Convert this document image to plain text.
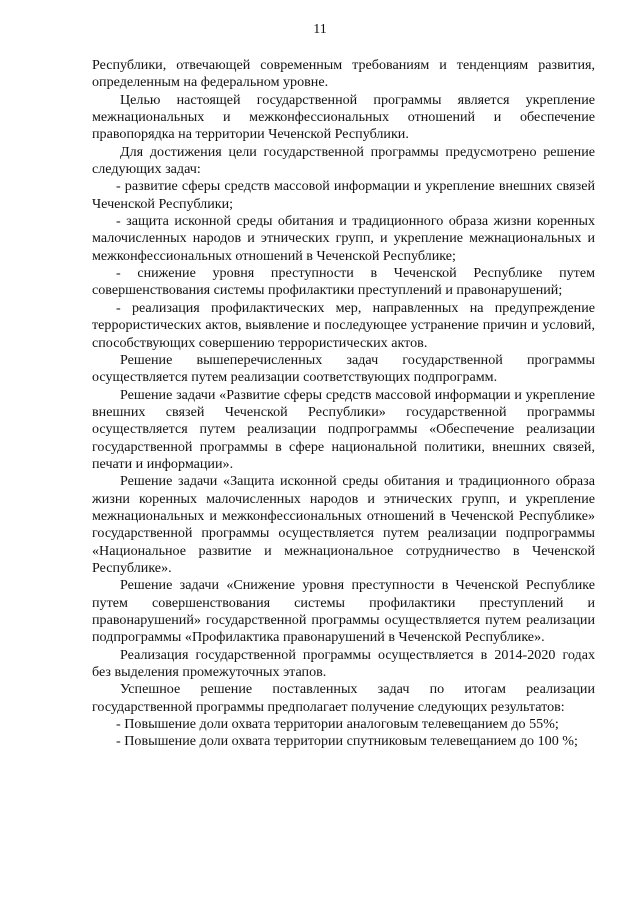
11

Республики, отвечающей современным требованиям и тенденциям развития, определенным на федеральном уровне.

Целью настоящей государственной программы является укрепление межнациональных и межконфессиональных отношений и обеспечение правопорядка на территории Чеченской Республики.

Для достижения цели государственной программы предусмотрено решение следующих задач:

- развитие сферы средств массовой информации и укрепление внешних связей Чеченской Республики;

- защита исконной среды обитания и традиционного образа жизни коренных малочисленных народов и этнических групп, и укрепление межнациональных и межконфессиональных отношений в Чеченской Республике;

- снижение уровня преступности в Чеченской Республике путем совершенствования системы профилактики преступлений и правонарушений;

- реализация профилактических мер, направленных на предупреждение террористических актов, выявление и последующее устранение причин и условий, способствующих совершению террористических актов.

Решение вышеперечисленных задач государственной программы осуществляется путем реализации соответствующих подпрограмм.

Решение задачи «Развитие сферы средств массовой информации и укрепление внешних связей Чеченской Республики» государственной программы осуществляется путем реализации подпрограммы «Обеспечение реализации государственной программы в сфере национальной политики, внешних связей, печати и информации».

Решение задачи «Защита исконной среды обитания и традиционного образа жизни коренных малочисленных народов и этнических групп, и укрепление межнациональных и межконфессиональных отношений в Чеченской Республике» государственной программы осуществляется путем реализации подпрограммы «Национальное развитие и межнациональное сотрудничество в Чеченской Республике».

Решение задачи «Снижение уровня преступности в Чеченской Республике путем совершенствования системы профилактики преступлений и правонарушений» государственной программы осуществляется путем реализации подпрограммы «Профилактика правонарушений в Чеченской Республике».

Реализация государственной программы осуществляется в 2014-2020 годах без выделения промежуточных этапов.

Успешное решение поставленных задач по итогам реализации государственной программы предполагает получение следующих результатов:

- Повышение доли охвата территории аналоговым телевещанием до 55%;

- Повышение доли охвата территории спутниковым телевещанием до 100 %;
